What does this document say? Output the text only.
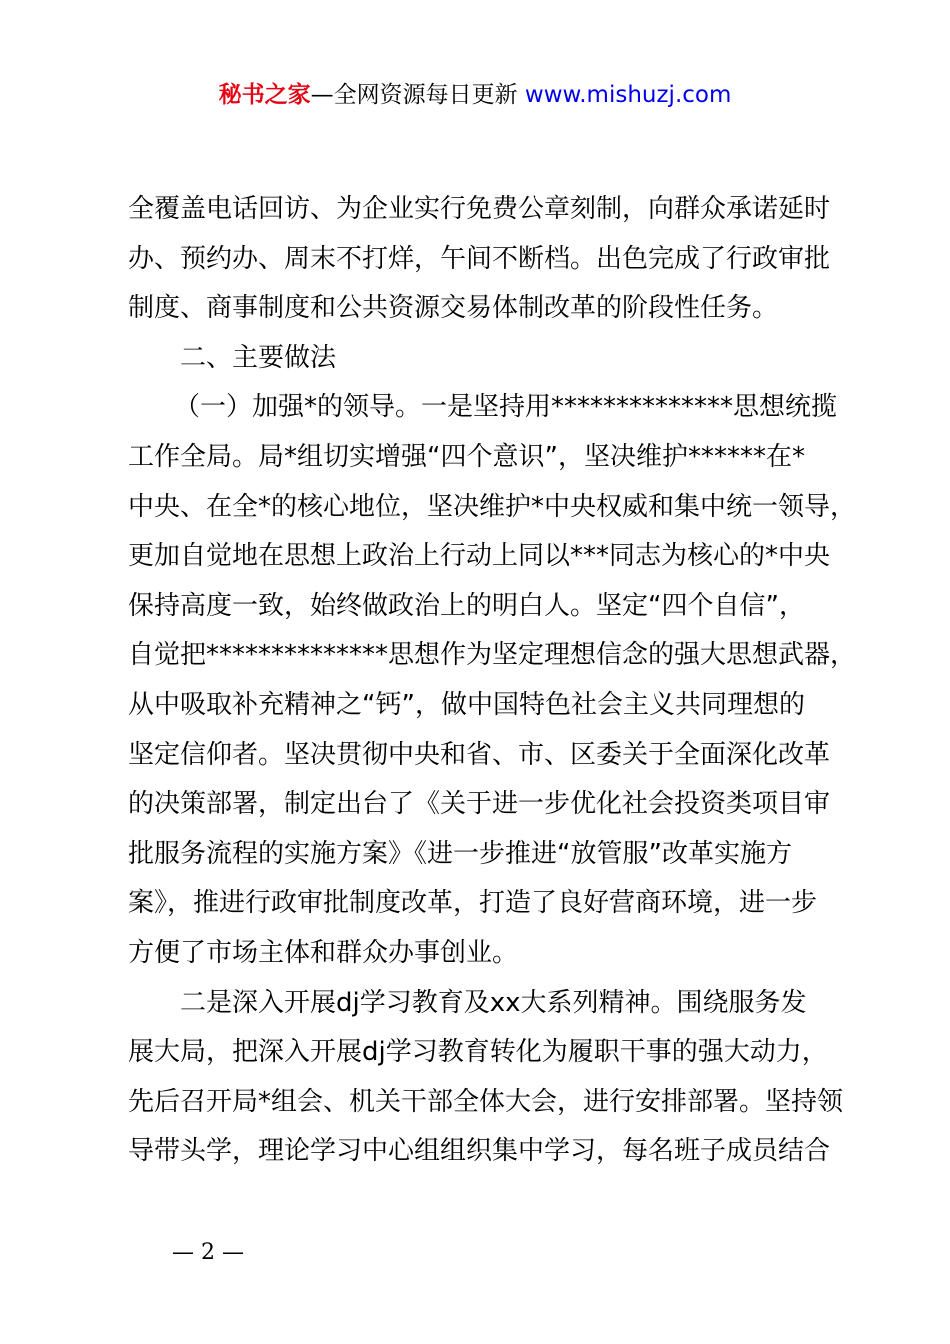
秘书之家—全网资源每日更新 www.mishuzj.com
全覆盖电话回访、为企业实行免费公章刻制，向群众承诺延时
办、预约办、周末不打烊，午间不断档。出色完成了行政审批
制度、商事制度和公共资源交易体制改革的阶段性任务。
二、主要做法
（一）加强*的领导。一是坚持用**************思想统揽
工作全局。局*组切实增强“四个意识”，坚决维护******在*
中央、在全*的核心地位，坚决维护*中央权威和集中统一领导，
更加自觉地在思想上政治上行动上同以***同志为核心的*中央
保持高度一致，始终做政治上的明白人。坚定“四个自信”，
自觉把**************思想作为坚定理想信念的强大思想武器，
从中吸取补充精神之“钙”，做中国特色社会主义共同理想的
坚定信仰者。坚决贯彻中央和省、市、区委关于全面深化改革
的决策部署，制定出台了《关于进一步优化社会投资类项目审
批服务流程的实施方案》《进一步推进“放管服”改革实施方
案》，推进行政审批制度改革，打造了良好营商环境，进一步
方便了市场主体和群众办事创业。
二是深入开展dj学习教育及xx大系列精神。围绕服务发
展大局，把深入开展dj学习教育转化为履职干事的强大动力，
先后召开局*组会、机关干部全体大会，进行安排部署。坚持领
导带头学，理论学习中心组组织集中学习，每名班子成员结合
— 2 —
